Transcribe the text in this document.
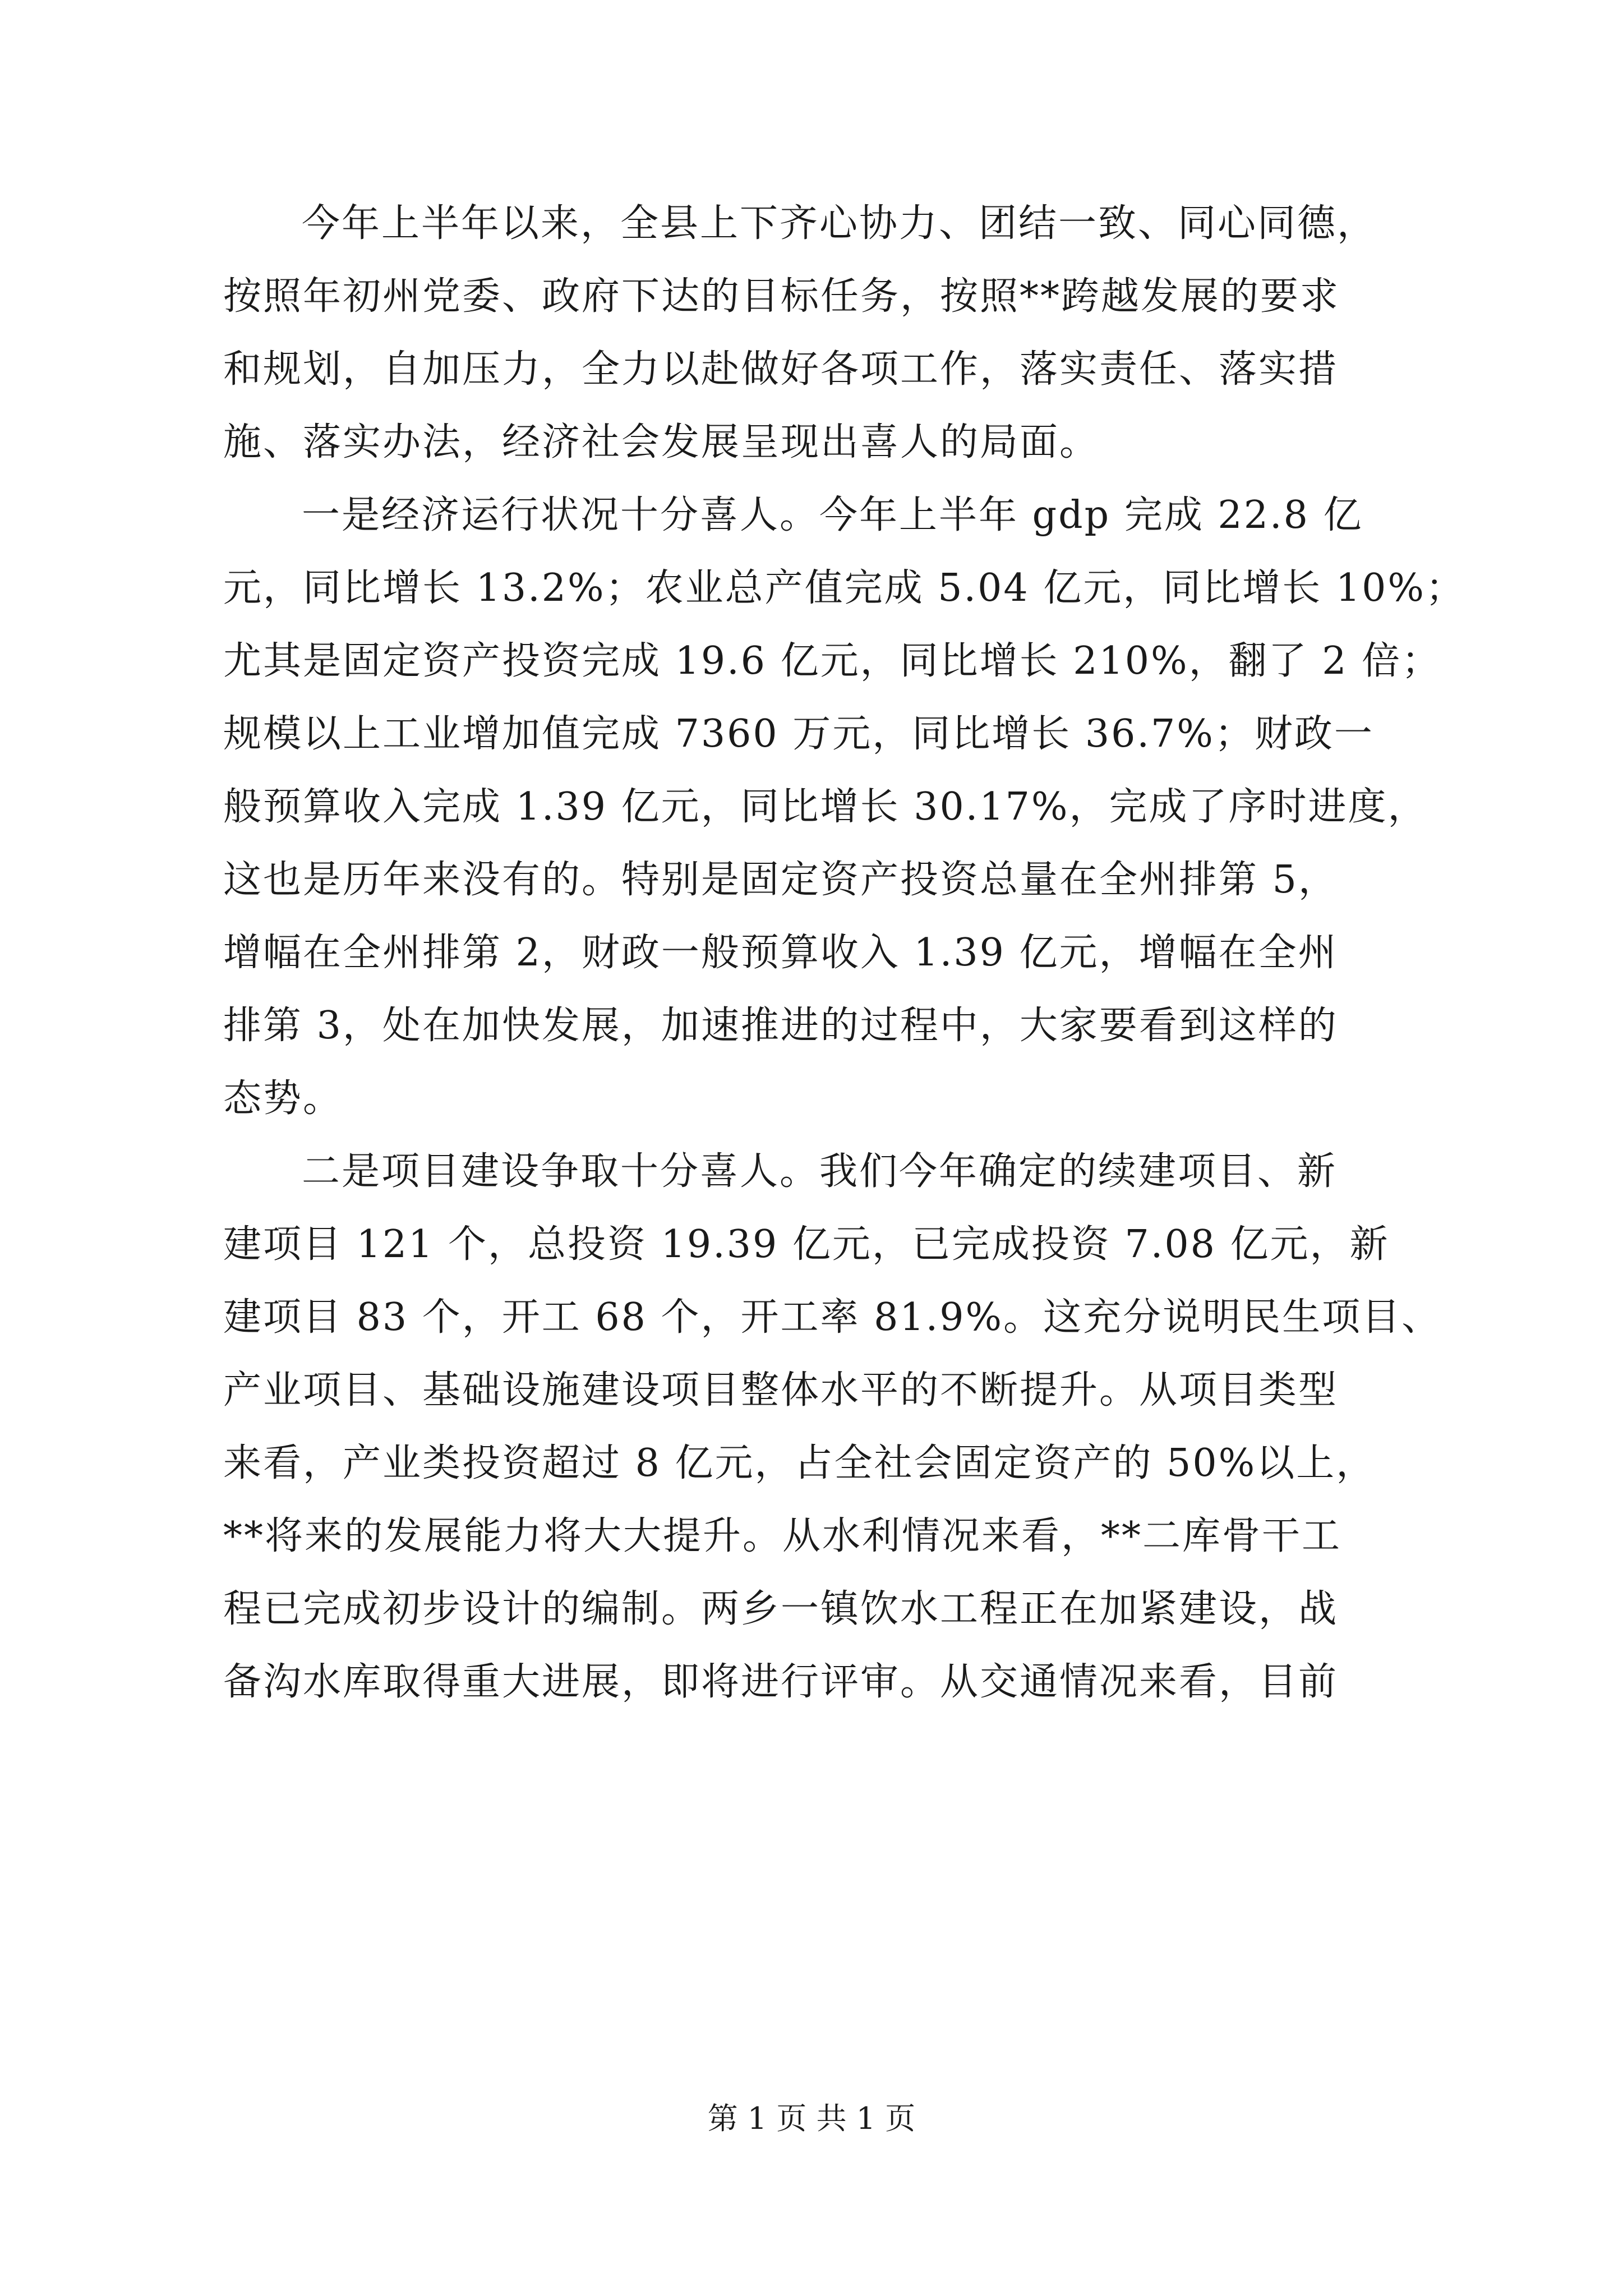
今年上半年以来，全县上下齐心协力、团结一致、同心同德，
按照年初州党委、政府下达的目标任务，按照**跨越发展的要求
和规划，自加压力，全力以赴做好各项工作，落实责任、落实措
施、落实办法，经济社会发展呈现出喜人的局面。
一是经济运行状况十分喜人。今年上半年 gdp 完成 22.8 亿
元，同比增长 13.2%；农业总产值完成 5.04 亿元，同比增长 10%；
尤其是固定资产投资完成 19.6 亿元，同比增长 210%，翻了 2 倍；
规模以上工业增加值完成 7360 万元，同比增长 36.7%；财政一
般预算收入完成 1.39 亿元，同比增长 30.17%，完成了序时进度，
这也是历年来没有的。特别是固定资产投资总量在全州排第 5，
增幅在全州排第 2，财政一般预算收入 1.39 亿元，增幅在全州
排第 3，处在加快发展，加速推进的过程中，大家要看到这样的
态势。
二是项目建设争取十分喜人。我们今年确定的续建项目、新
建项目 121 个，总投资 19.39 亿元，已完成投资 7.08 亿元，新
建项目 83 个，开工 68 个，开工率 81.9%。这充分说明民生项目、
产业项目、基础设施建设项目整体水平的不断提升。从项目类型
来看，产业类投资超过 8 亿元，占全社会固定资产的 50%以上，
**将来的发展能力将大大提升。从水利情况来看，**二库骨干工
程已完成初步设计的编制。两乡一镇饮水工程正在加紧建设，战
备沟水库取得重大进展，即将进行评审。从交通情况来看，目前
第 1 页 共 1 页
